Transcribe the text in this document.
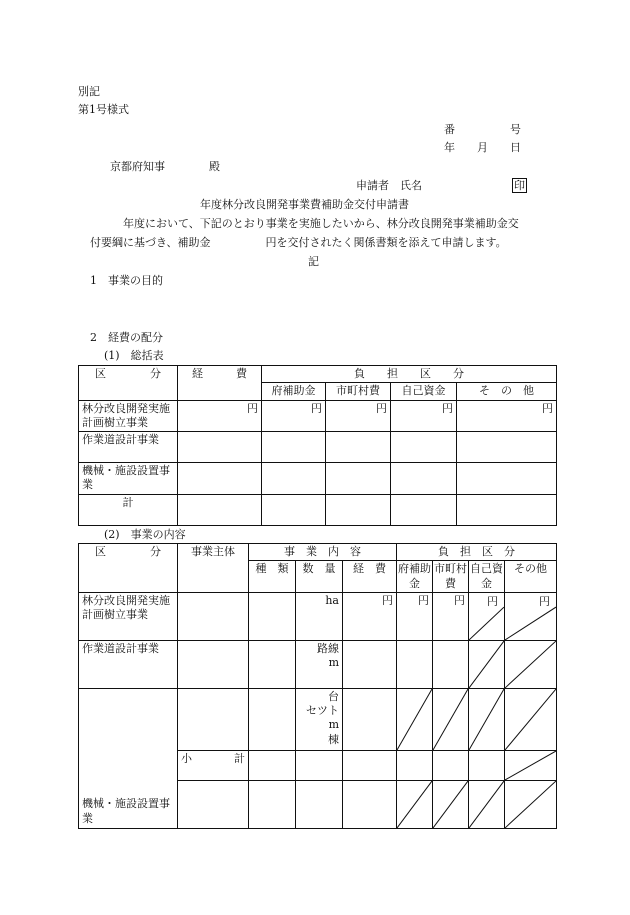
別記
第1号様式
番　　　　　号
年　　月　　日
京都府知事　　　　殿
申請者　氏名	印
年度林分改良開発事業費補助金交付申請書
年度において、下記のとおり事業を実施したいから、林分改良開発事業補助金交
付要綱に基づき、補助金　　　　　円を交付されたく関係書類を添えて申請します。
記
1　事業の目的
2　経費の配分
(1)　総括表
区　　　　分	経　　　費	負　　担　　区　　分			
		府補助金	市町村費	自己資金	そ　の　他
林分改良開発実施計画樹立事業	円	円	円	円	円
作業道設計事業					
機械・施設設置事業					
計					
(2)　事業の内容
区　　　　分	事業主体	事　業　内　容			負　担　区　分			
		種　類	数　量	経　費	府補助金	市町村費	自己資金	その他
林分改良開発実施計画樹立事業			ha	円	円	円	円	円

作業道設計事業			路線
m

機械・施設設置事業			台
セツト
m
棟

	小　　計							
